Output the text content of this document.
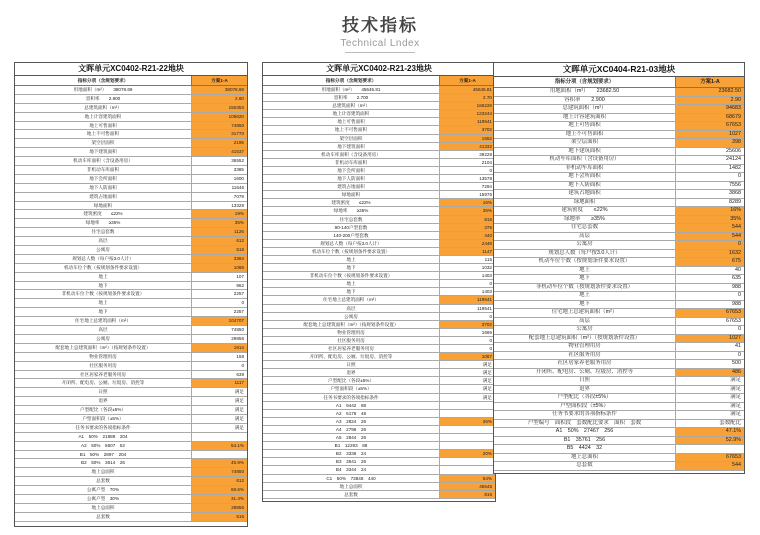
技术指标
Technical Lndex
文晖单元XC0402-R21-22地块
指标分项（含规划要求）	方案1-A
用地面积（m²）　　38078.69	38078.69
容积率　　2.800	2.80
总建筑面积（m²）	150353
地上计容建筑面积	106620
地上可售面积	74850
地上不可售面积	31770
架空层面积	2195
地下建筑面积	41537
机动车库面积（含设备用房）	36552
非机动车库面积	3385
地下会所面积	1600
地下人防面积	11646
建筑占地面积	7079
绿地面积	13328
建筑密度　　≤22%	19%
绿地率　　≥35%	35%
住宅总套数	1126
高层	612
公寓房	516
规划总人数（每户按3.0人计）	3384
机动车位个数（按规划条件要求设置）	1069
地上	107
地下	962
非机动车位个数（按规划条件要求设置）	2257
地上	0
地下	2257
住宅地上总建筑面积（m²）	104707
高层	74850
公寓房	29856
配套地上总建筑面积（m²）（按规划条件设置）	1914
物业管理用房	158
社区服务用房	0
社区居家养老服务用房	639
开闭所、配电房、公厕、垃圾房、消控等	1117
日照	满足
退界	满足
户型配比（各段±5%）	满足
户型面积段（±5%）	满足
任务书要求的各项指标条件	满足
A1　50%　21888　204
A2　50%　5607　52	54.1%
B1　50%　2897　204
B2　50%　3614　26	45.9%
地上总面积	74850
总套数	612
公寓户型　70%	68.6%
公寓户型　30%	31.4%
地上总面积	29856
总套数	516
文晖单元XC0402-R21-23地块
指标分项（含规划要求）	方案1-A
用地面积（m²）　　45645.81	45645.81
容积率　　2.700	2.70
总建筑面积（m²）	166228
地上计容建筑面积	123244
地上可售面积	119541
地上不可售面积	3702
架空层面积	1652
地下建筑面积	41332
机动车库面积（含设备用房）	39228
非机动车库面积	2104
地下会所面积	0
地下人防面积	13578
建筑占地面积	7294
绿地面积	15976
建筑密度　　≤22%	16%
绿地率　　≥35%	35%
住宅总套数	816
90-140户型套数	376
140-200户型套数	440
规划总人数（每户按3.0人计）	2448
机动车位个数（按规划条件要求设置）	1147
地上	115
地下	1032
非机动车位个数（按规划条件要求设置）	1403
地上	0
地下	1403
住宅地上总建筑面积（m²）	119541
高层	119541
公寓房	0
配套地上总建筑面积（m²）（按规划条件设置）	3702
物业管理用房	1669
社区服务用房	0
社区居家养老服务用房	0
开闭所、配电房、公厕、垃圾房、消控等	1067
日照	满足
退界	满足
户型配比（各段±5%）	满足
户型面积段（±5%）	满足
任务书要求的各项指标条件	满足
A1　9442　88
A2　5176　48
A3　2824　26	26%
A4　2796　26
A5　2844　26
B1　12293　88
B2　3336　24	20%
B3　3641　26
B4　3344　24
C1　50%　73846　440	54%
地上总面积	45645
总套数	816
文晖单元XC0404-R21-03地块
指标分项（含规划要求）	方案1-A
用地面积（m²）　　23682.50	23682.50
容积率　　2.900	2.90
总建筑面积（m²）	94683
地上计容建筑面积	68679
地上可售面积	67653
地上不可售面积	1027
架空层面积	398
地下建筑面积	25606
机动车库面积（含设备用房）	24124
非机动车库面积	1482
地下会所面积	0
地下人防面积	7556
建筑占地面积	3868
绿地面积	8289
建筑密度　　≤22%	16%
绿地率　　≥35%	35%
住宅总套数	544
高层	544
公寓房	0
规划总人数（每户按3.0人计）	1632
机动车位个数（按规划条件要求设置）	675
地上	40
地下	635
非机动车位个数（按规划条件要求设置）	988
地上	0
地下	988
住宅地上总建筑面积（m²）	67653
高层	67653
公寓房	0
配套地上总建筑面积（m²）（按规划条件设置）	1027
物业管理用房	41
社区服务用房	0
社区居家养老服务用房	500
开闭所、配电房、公厕、垃圾房、消控等	486
日照	满足
退界	满足
户型配比（各段±5%）	满足
户型面积段（±5%）	满足
任务书要求的各项指标条件	满足
户型编号　面积段　套数配比要求　面积　套数	套数配比
A1　50%　27467　256	47.1%
B1　35761　256	52.9%
B5　4424　32
地上总面积	67653
总套数	544
